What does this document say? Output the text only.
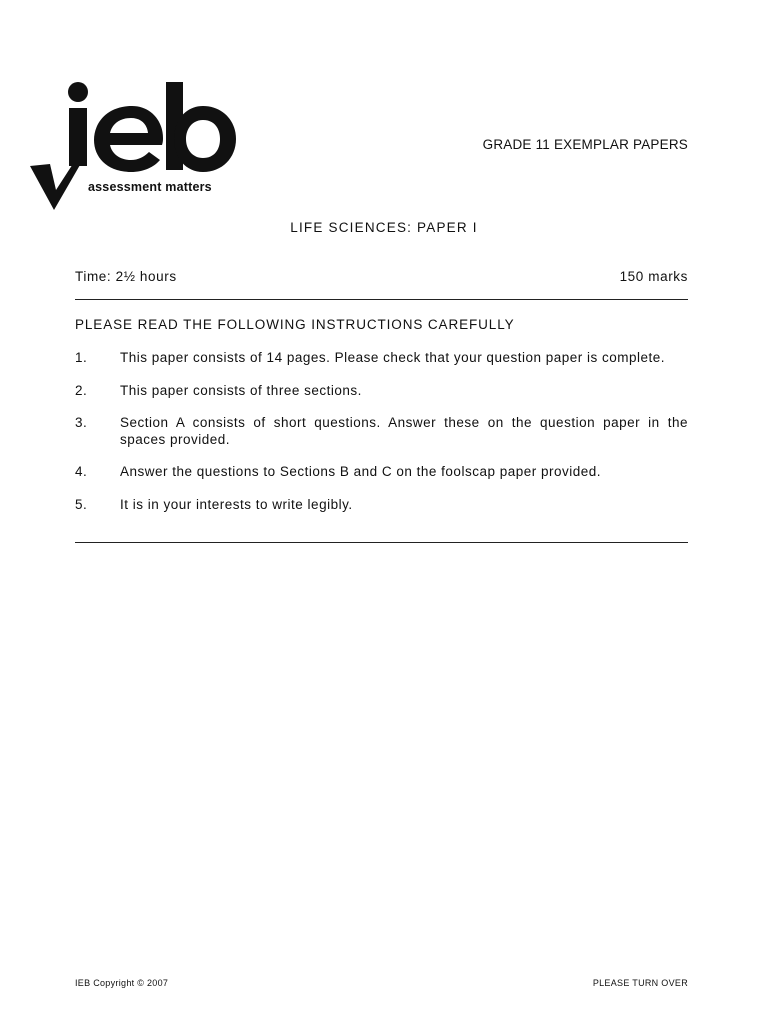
assessment matters
GRADE 11 EXEMPLAR PAPERS
LIFE SCIENCES: PAPER I
Time: 2½ hours	150 marks
PLEASE READ THE FOLLOWING INSTRUCTIONS CAREFULLY
1.	This paper consists of 14 pages. Please check that your question paper is complete.
2.	This paper consists of three sections.
3.	Section A consists of short questions. Answer these on the question paper in the spaces provided.
4.	Answer the questions to Sections B and C on the foolscap paper provided.
5.	It is in your interests to write legibly.
IEB Copyright © 2007	PLEASE TURN OVER
